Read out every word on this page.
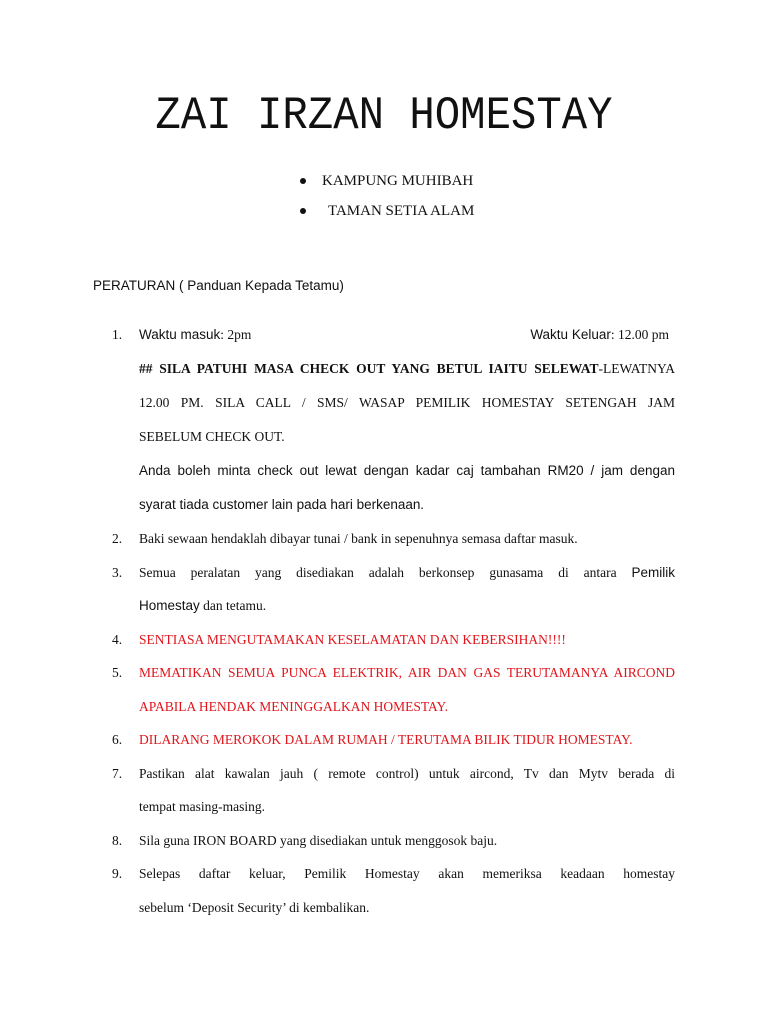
ZAI IRZAN HOMESTAY
KAMPUNG MUHIBAH
TAMAN SETIA ALAM
PERATURAN ( Panduan Kepada Tetamu)
1.	Waktu masuk: 2pm	Waktu Keluar: 12.00 pm
## SILA PATUHI MASA CHECK OUT YANG BETUL IAITU SELEWAT-LEWATNYA
12.00 PM. SILA CALL / SMS/ WASAP PEMILIK HOMESTAY SETENGAH JAM
SEBELUM CHECK OUT.
Anda boleh minta check out lewat dengan kadar caj tambahan RM20 / jam dengan
syarat tiada customer lain pada hari berkenaan.
2.	Baki sewaan hendaklah dibayar tunai / bank in sepenuhnya semasa daftar masuk.
3.	Semua peralatan yang disediakan adalah berkonsep gunasama di antara Pemilik
Homestay dan tetamu.
4.	SENTIASA MENGUTAMAKAN KESELAMATAN DAN KEBERSIHAN!!!!
5.	MEMATIKAN SEMUA PUNCA ELEKTRIK, AIR DAN GAS TERUTAMANYA AIRCOND
APABILA HENDAK MENINGGALKAN HOMESTAY.
6.	DILARANG MEROKOK DALAM RUMAH / TERUTAMA BILIK TIDUR HOMESTAY.
7.	Pastikan alat kawalan jauh ( remote control) untuk aircond, Tv dan Mytv berada di
tempat masing-masing.
8.	Sila guna IRON BOARD yang disediakan untuk menggosok baju.
9.	Selepas daftar keluar, Pemilik Homestay akan memeriksa keadaan homestay
sebelum ‘Deposit Security’ di kembalikan.
